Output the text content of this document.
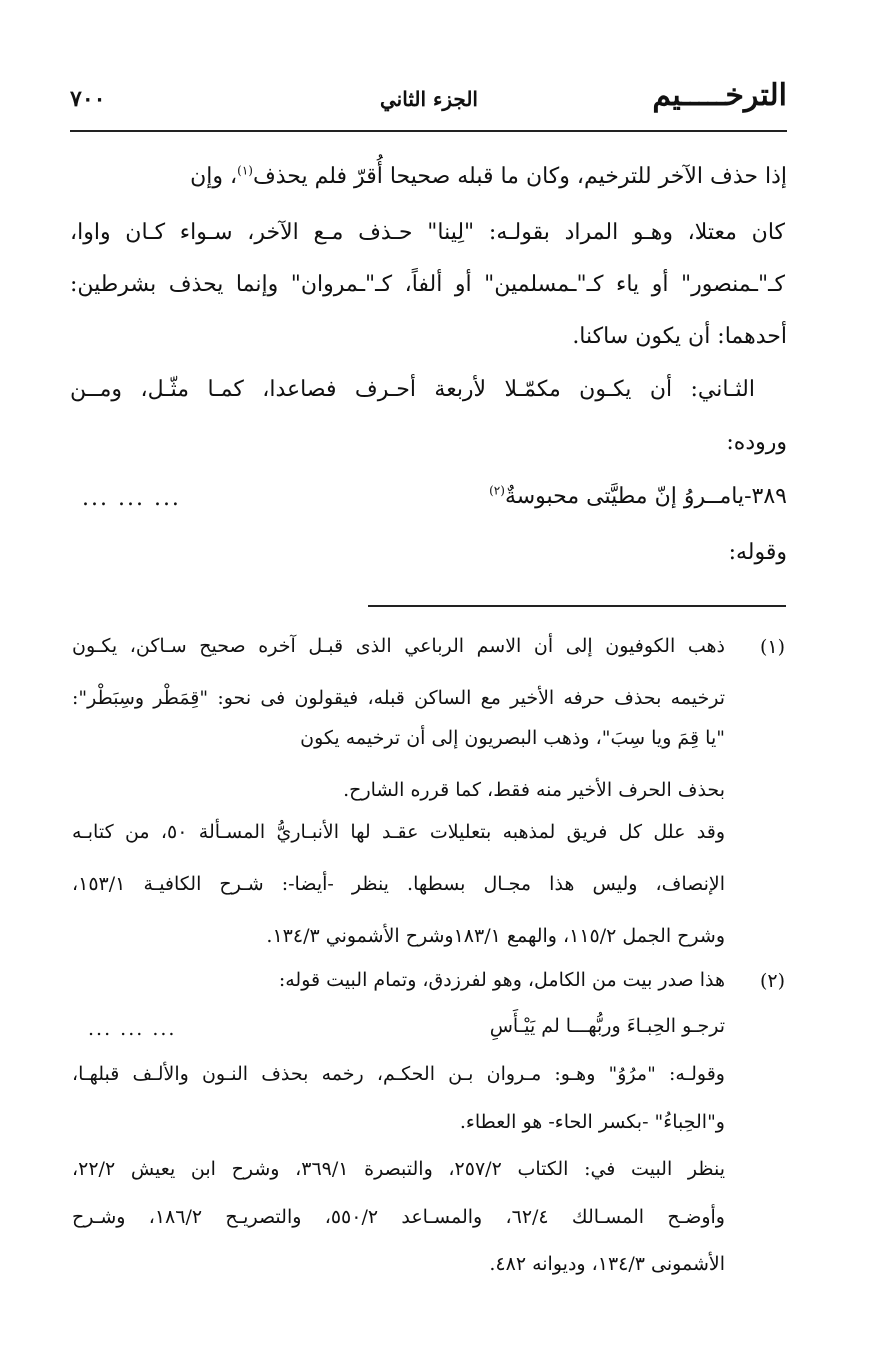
الترخـــــيم
الجزء الثاني
٧٠٠
إذا حذف الآخر للترخيم، وكان ما قبله صحيحا أُقرّ فلم يحذف$^{(١)}$، وإن
كان معتلا، وهـو المراد بقولـه: "لِينا" حـذف مـع الآخر، سـواء كـان واوا،
كـ"ـمنصور" أو ياء كـ"ـمسلمين" أو ألفاً، كـ"ـمروان" وإنما يحذف بشرطين:
أحدهما: أن يكون ساكنا.
الثـاني: أن يكـون مكمّـلا لأربعة أحـرف فصاعدا، كمـا مثّـل، ومــن
وروده:
٣٨٩-يامــروُ إنّ مطيَّتى محبوسةٌ$^{(٢)}$
... ... ...
وقوله:
(١)
ذهب الكوفيون إلى أن الاسم الرباعي الذى قبـل آخره صحيح سـاكن، يكـون
ترخيمه بحذف حرفه الأخير مع الساكن قبله، فيقولون فى نحو: "قِمَطْر وسِبَطْر":
"يا قِمَ ويا سِبَ"، وذهب البصريون إلى أن ترخيمه يكون
بحذف الحرف الأخير منه فقط، كما قرره الشارح.
وقد علل كل فريق لمذهبه بتعليلات عقـد لها الأنبـاريُّ المسـألة ٥٠، من كتابـه
الإنصاف، وليس هذا مجـال بسطها. ينظر -أيضا-: شـرح الكافيـة ١٥٣/١،
وشرح الجمل ١١٥/٢، والهمع ١٨٣/١وشرح الأشموني ١٣٤/٣.
(٢)
هذا صدر بيت من الكامل، وهو لفرزدق، وتمام البيت قوله:
ترجـو الحِبـاءَ وربُّهـــا لم يَيْـأَسِ
... ... ...
وقولـه: "مرُوُ" وهـو: مـروان بـن الحكـم، رخمه بحذف النـون والألـف قبلهـا،
و"الحِباءُ" -بكسر الحاء- هو العطاء.
ينظر البيت في: الكتاب ٢٥٧/٢، والتبصرة ٣٦٩/١، وشرح ابن يعيش ٢٢/٢،
وأوضـح المسـالك ٦٢/٤، والمسـاعد ٥٥٠/٢، والتصريـح ١٨٦/٢، وشـرح
الأشمونى ١٣٤/٣، وديوانه ٤٨٢.
